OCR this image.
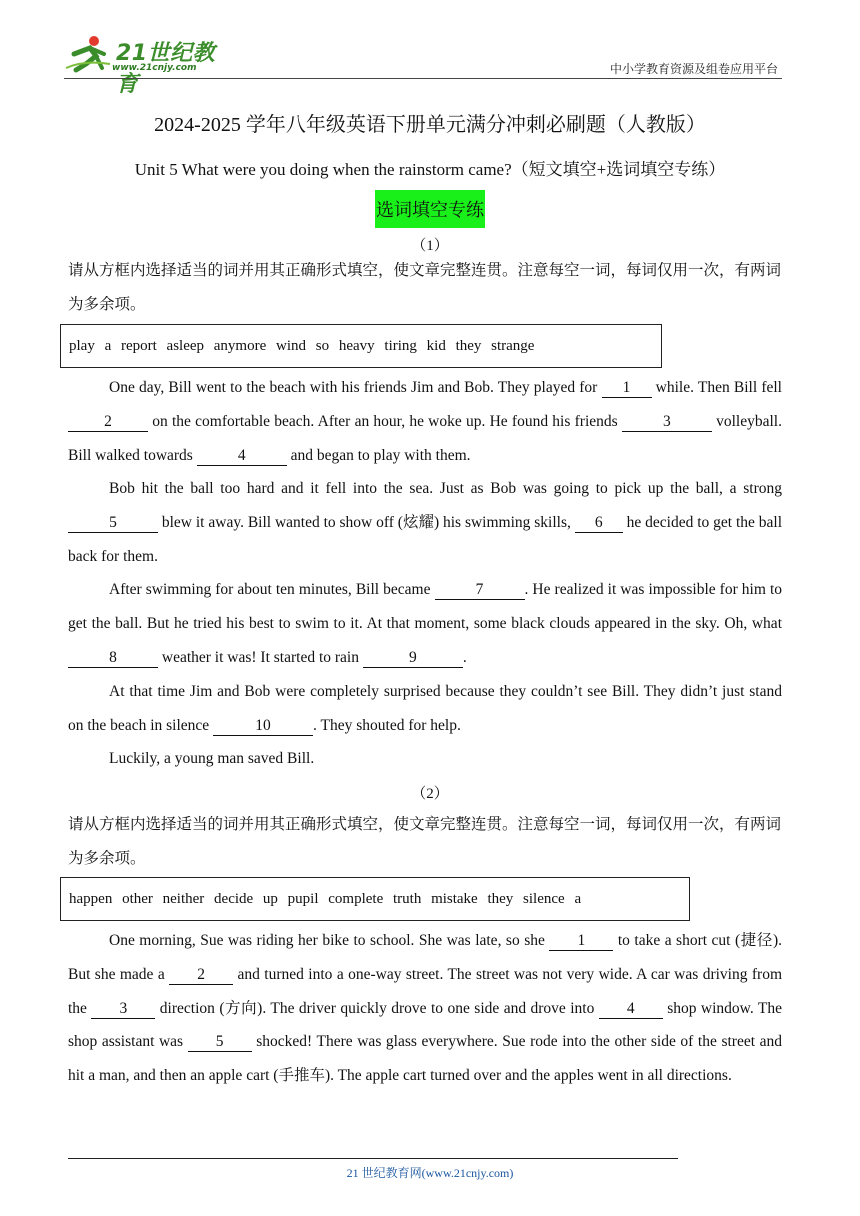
21世纪教育
www.21cnjy.com	中小学教育资源及组卷应用平台
2024-2025 学年八年级英语下册单元满分冲刺必刷题（人教版）
Unit 5 What were you doing when the rainstorm came?（短文填空+选词填空专练）
选词填空专练
（1）
请从方框内选择适当的词并用其正确形式填空，使文章完整连贯。注意每空一词，每词仅用一次，有两词为多余项。
play a report asleep anymore wind so heavy tiring kid they strange

One day, Bill went to the beach with his friends Jim and Bob. They played for 1 while. Then Bill fell 2 on the comfortable beach. After an hour, he woke up. He found his friends	3	volleyball. Bill walked towards	4	and began to play with them.

Bob hit the ball too hard and it fell into the sea. Just as Bob was going to pick up the ball, a strong 5	blew it away. Bill wanted to show off (炫耀) his swimming skills, 6 he decided to get the ball back for them.

After swimming for about ten minutes, Bill became	7	. He realized it was impossible for him to get the ball. But he tried his best to swim to it. At that moment, some black clouds appeared in the sky. Oh, what 8	weather it was! It started to rain	9	.

At that time Jim and Bob were completely surprised because they couldn’t see Bill. They didn’t just stand on the beach in silence	10	. They shouted for help.

Luckily, a young man saved Bill.

（2）
请从方框内选择适当的词并用其正确形式填空，使文章完整连贯。注意每空一词，每词仅用一次，有两词为多余项。
happen other neither decide up pupil complete truth mistake they silence a

One morning, Sue was riding her bike to school. She was late, so she 1 to take a short cut (捷径). But she made a 2 and turned into a one-way street. The street was not very wide. A car was driving from the 3 direction (方向). The driver quickly drove to one side and drove into 4 shop window. The shop assistant was 5 shocked! There was glass everywhere. Sue rode into the other side of the street and hit a man, and then an apple cart (手推车). The apple cart turned over and the apples went in all directions.

21 世纪教育网(www.21cnjy.com)
